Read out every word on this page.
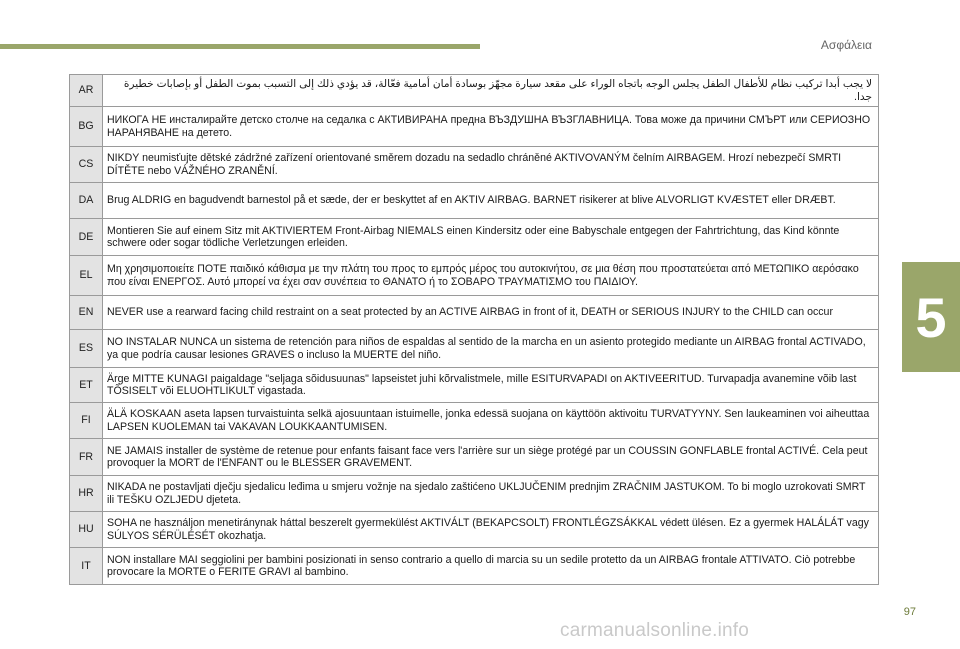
Ασφάλεια
5
AR	لا يجب أبدا تركيب نظام للأطفال الطفل يجلس الوجه باتجاه الوراء على مقعد سيارة مجهّز بوسادة أمان أمامية فعّالة، قد يؤدي ذلك إلى التسبب بموت الطفل أو بإصابات خطيرة جدا.
BG	НИКОГА НЕ инсталирайте детско столче на седалка с АКТИВИРАНА предна ВЪЗДУШНА ВЪЗГЛАВНИЦА. Това може да причини СМЪРТ или СЕРИОЗНО НАРАНЯВАНЕ на детето.
CS	NIKDY neumisťujte dětské zádržné zařízení orientované směrem dozadu na sedadlo chráněné AKTIVOVANÝM čelním AIRBAGEM. Hrozí nebezpečí SMRTI DÍTĚTE nebo VÁŽNÉHO ZRANĚNÍ.
DA	Brug ALDRIG en bagudvendt barnestol på et sæde, der er beskyttet af en AKTIV AIRBAG. BARNET risikerer at blive ALVORLIGT KVÆSTET eller DRÆBT.
DE	Montieren Sie auf einem Sitz mit AKTIVIERTEM Front-Airbag NIEMALS einen Kindersitz oder eine Babyschale entgegen der Fahrtrichtung, das Kind könnte schwere oder sogar tödliche Verletzungen erleiden.
EL	Μη χρησιμοποιείτε ΠΟΤΕ παιδικό κάθισμα με την πλάτη του προς το εμπρός μέρος του αυτοκινήτου, σε μια θέση που προστατεύεται από ΜΕΤΩΠΙΚΟ αερόσακο που είναι ΕΝΕΡΓΟΣ. Αυτό μπορεί να έχει σαν συνέπεια το ΘΑΝΑΤΟ ή το ΣΟΒΑΡΟ ΤΡΑΥΜΑΤΙΣΜΟ του ΠΑΙΔΙΟΥ.
EN	NEVER use a rearward facing child restraint on a seat protected by an ACTIVE AIRBAG in front of it, DEATH or SERIOUS INJURY to the CHILD can occur
ES	NO INSTALAR NUNCA un sistema de retención para niños de espaldas al sentido de la marcha en un asiento protegido mediante un AIRBAG frontal ACTIVADO, ya que podría causar lesiones GRAVES o incluso la MUERTE del niño.
ET	Ärge MITTE KUNAGI paigaldage "seljaga sõidusuunas" lapseistet juhi kõrvalistmele, mille ESITURVAPADI on AKTIVEERITUD. Turvapadja avanemine võib last TÕSISELT või ELUOHTLIKULT vigastada.
FI	ÄLÄ KOSKAAN aseta lapsen turvaistuinta selkä ajosuuntaan istuimelle, jonka edessä suojana on käyttöön aktivoitu TURVATYYNY. Sen laukeaminen voi aiheuttaa LAPSEN KUOLEMAN tai VAKAVAN LOUKKAANTUMISEN.
FR	NE JAMAIS installer de système de retenue pour enfants faisant face vers l'arrière sur un siège protégé par un COUSSIN GONFLABLE frontal ACTIVÉ. Cela peut provoquer la MORT de l'ENFANT ou le BLESSER GRAVEMENT.
HR	NIKADA ne postavljati dječju sjedalicu leđima u smjeru vožnje na sjedalo zaštićeno UKLJUČENIM prednjim ZRAČNIM JASTUKOM. To bi moglo uzrokovati SMRT ili TEŠKU OZLJEDU djeteta.
HU	SOHA ne használjon menetiránynak háttal beszerelt gyermekülést AKTIVÁLT (BEKAPCSOLT) FRONTLÉGZSÁKKAL védett ülésen. Ez a gyermek HALÁLÁT vagy SÚLYOS SÉRÜLÉSÉT okozhatja.
IT	NON installare MAI seggiolini per bambini posizionati in senso contrario a quello di marcia su un sedile protetto da un AIRBAG frontale ATTIVATO. Ciò potrebbe provocare la MORTE o FERITE GRAVI al bambino.
97
carmanualsonline.info
